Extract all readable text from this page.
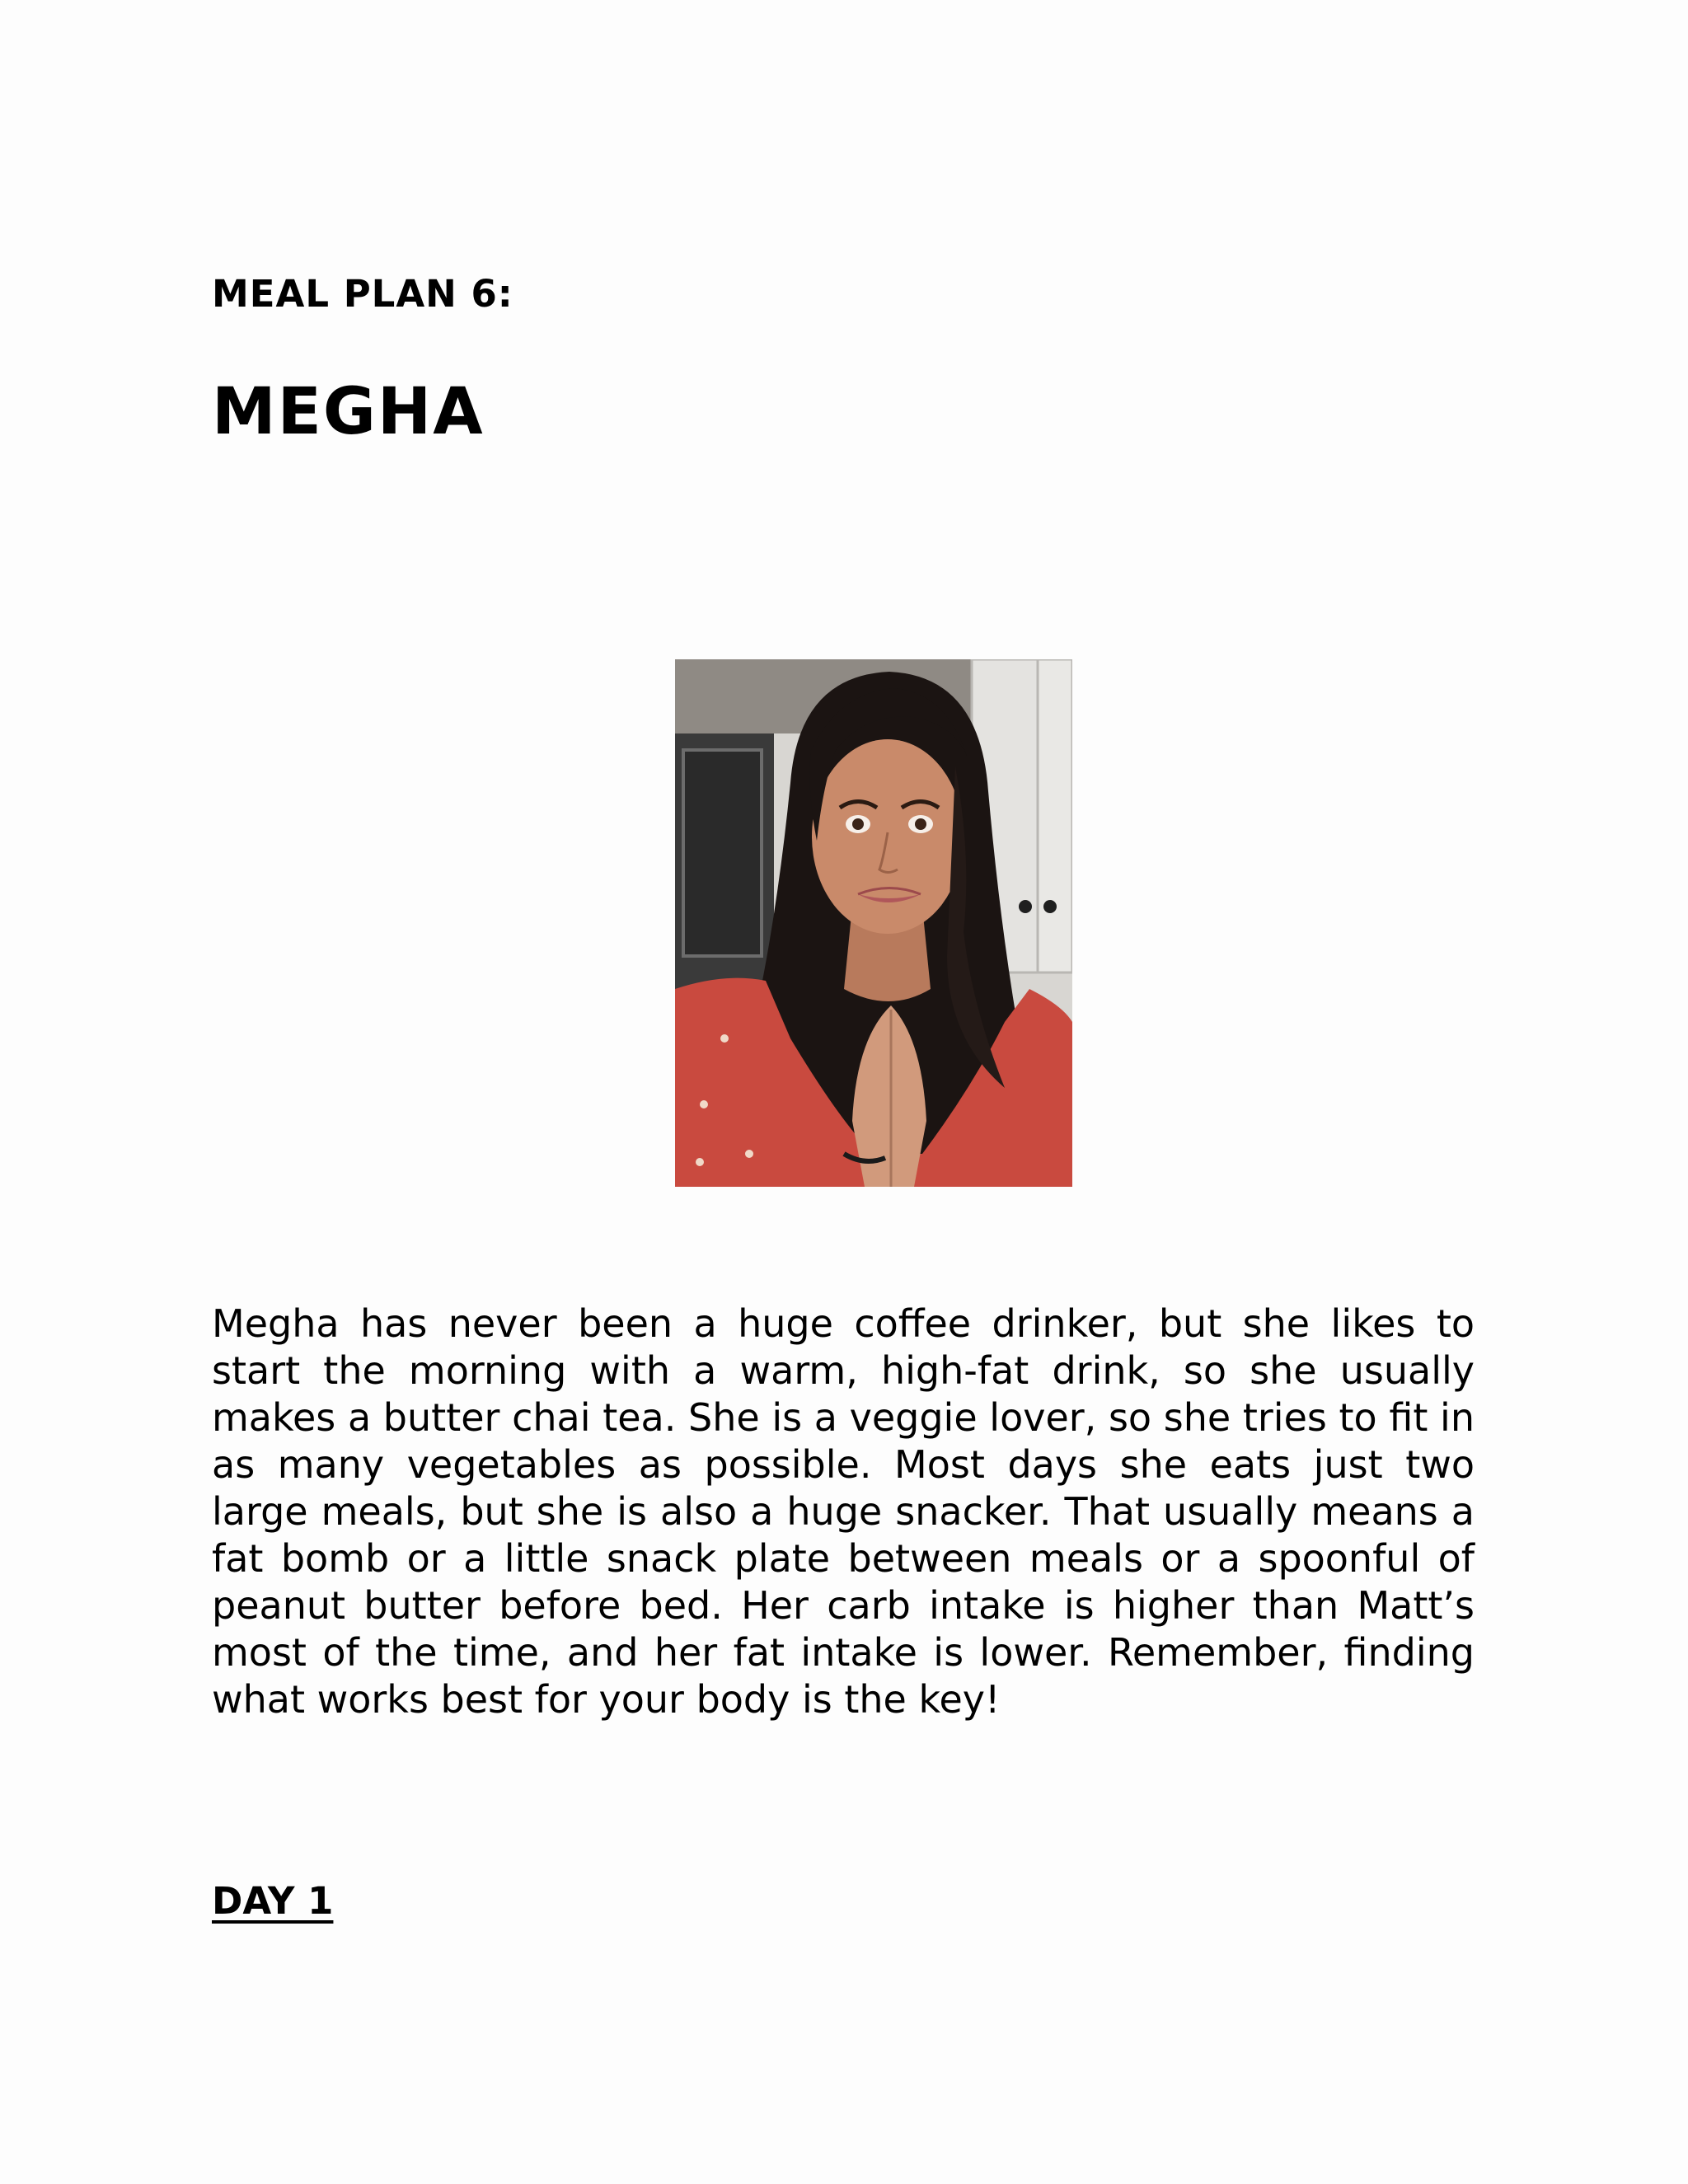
MEAL PLAN 6:
MEGHA

Megha has never been a huge coffee drinker, but she likes to start the morning with a warm, high-fat drink, so she usually makes a butter chai tea. She is a veggie lover, so she tries to fit in as many vegetables as possible. Most days she eats just two large meals, but she is also a huge snacker. That usually means a fat bomb or a little snack plate between meals or a spoonful of peanut butter before bed. Her carb intake is higher than Matt’s most of the time, and her fat intake is lower. Remember, finding what works best for your body is the key!

DAY 1
